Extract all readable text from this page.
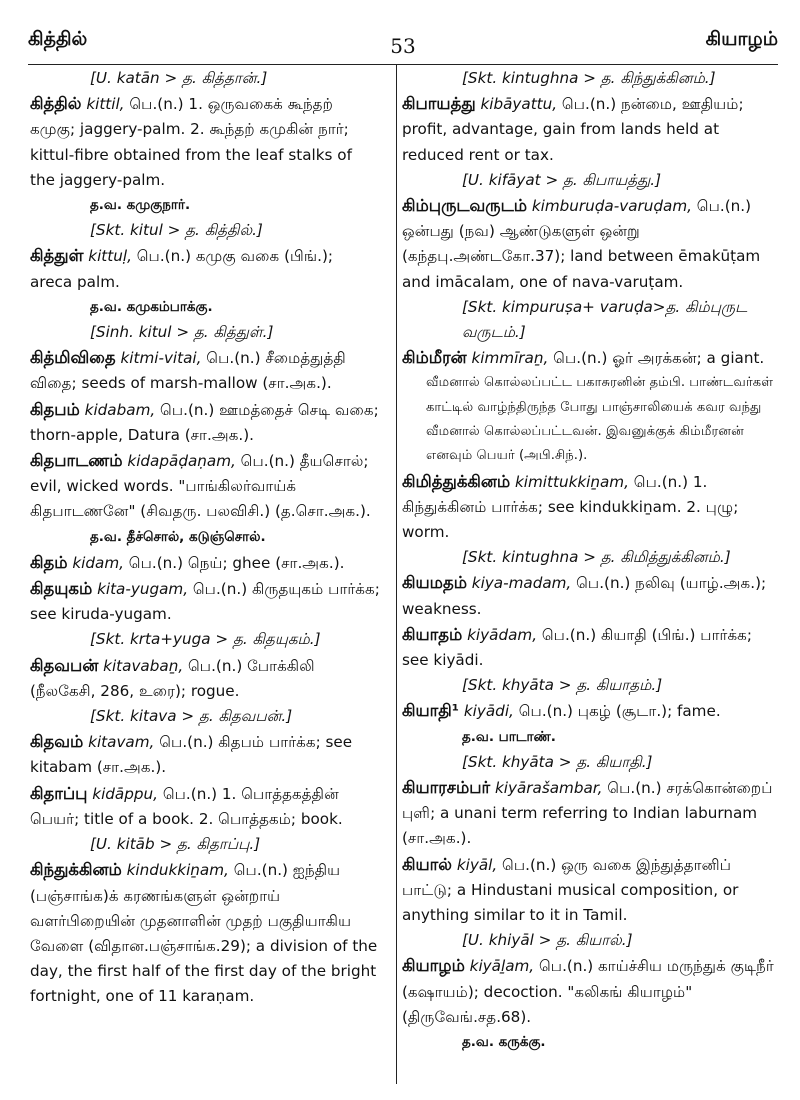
கித்தில்	53	கியாழம்
[U. katān > த. கித்தான்.]
கித்தில் kittil, பெ.(n.) 1. ஒருவகைக் கூந்தற் கமுகு; jaggery-palm. 2. கூந்தற் கமுகின் நார்; kittul-fibre obtained from the leaf stalks of the jaggery-palm.
த.வ. கமுகுநார்.
[Skt. kitul > த. கித்தில்.]
கித்துள் kittuḷ, பெ.(n.) கமுகு வகை (பிங்.); areca palm.
த.வ. கமுகம்பாக்கு.
[Sinh. kitul > த. கித்துள்.]
கித்மிவிதை kitmi-vitai, பெ.(n.) சீமைத்துத்தி விதை; seeds of marsh-mallow (சா.அக.).
கிதபம் kidabam, பெ.(n.) ஊமத்தைச் செடி வகை; thorn-apple, Datura (சா.அக.).
கிதபாடணம் kidapāḍaṇam, பெ.(n.) தீயசொல்; evil, wicked words. "பாங்கிலர்வாய்க் கிதபாடணனே" (சிவதரு. பலவிசி.) (த.சொ.அக.).
த.வ. தீச்சொல், கடுஞ்சொல்.
கிதம் kidam, பெ.(n.) நெய்; ghee (சா.அக.).
கிதயுகம் kita-yugam, பெ.(n.) கிருதயுகம் பார்க்க; see kiruda-yugam.
[Skt. krta+yuga > த. கிதயுகம்.]
கிதவபன் kitavabaṉ, பெ.(n.) போக்கிலி (நீலகேசி, 286, உரை); rogue.
[Skt. kitava > த. கிதவபன்.]
கிதவம் kitavam, பெ.(n.) கிதபம் பார்க்க; see kitabam (சா.அக.).
கிதாப்பு kidāppu, பெ.(n.) 1. பொத்தகத்தின் பெயர்; title of a book. 2. பொத்தகம்; book.
[U. kitāb > த. கிதாப்பு.]
கிந்துக்கினம் kindukkiṉam, பெ.(n.) ஐந்திய (பஞ்சாங்க)க் கரணங்களுள் ஒன்றாய் வளர்பிறையின் முதனாளின் முதற் பகுதியாகிய வேளை (விதான.பஞ்சாங்க.29); a division of the day, the first half of the first day of the bright fortnight, one of 11 karaṇam.
[Skt. kintughna > த. கிந்துக்கினம்.]
கிபாயத்து kibāyattu, பெ.(n.) நன்மை, ஊதியம்; profit, advantage, gain from lands held at reduced rent or tax.
[U. kifāyat > த. கிபாயத்து.]
கிம்புருடவருடம் kimburuḍa-varuḍam, பெ.(n.) ஒன்பது (நவ) ஆண்டுகளுள் ஒன்று (கந்தபு.அண்டகோ.37); land between ēmakūṭam and imācalam, one of nava-varuṭam.
[Skt. kimpuruṣa+ varuḍa>த. கிம்புருட வருடம்.]
கிம்மீரன் kimmīraṉ, பெ.(n.) ஓர் அரக்கன்; a giant.
வீமனால் கொல்லப்பட்ட பகாசுரனின் தம்பி. பாண்டவர்கள் காட்டில் வாழ்ந்திருந்த போது பாஞ்சாலியைக் கவர வந்து வீமனால் கொல்லப்பட்டவன். இவனுக்குக் கிம்மீரனன் எனவும் பெயர் (அபி.சிந்.).
கிமித்துக்கினம் kimittukkiṉam, பெ.(n.) 1. கிந்துக்கினம் பார்க்க; see kindukkiṉam. 2. புழு; worm.
[Skt. kintughna > த. கிமித்துக்கினம்.]
கியமதம் kiya-madam, பெ.(n.) நலிவு (யாழ்.அக.); weakness.
கியாதம் kiyādam, பெ.(n.) கியாதி (பிங்.) பார்க்க; see kiyādi.
[Skt. khyāta > த. கியாதம்.]
கியாதி¹ kiyādi, பெ.(n.) புகழ் (சூடா.); fame.
த.வ. பாடாண்.
[Skt. khyāta > த. கியாதி.]
கியாரசம்பர் kiyārašambar, பெ.(n.) சரக்கொன்றைப் புளி; a unani term referring to Indian laburnam (சா.அக.).
கியால் kiyāl, பெ.(n.) ஒரு வகை இந்துத்தானிப் பாட்டு; a Hindustani musical composition, or anything similar to it in Tamil.
[U. khiyāl > த. கியால்.]
கியாழம் kiyāḻam, பெ.(n.) காய்ச்சிய மருந்துக் குடிநீர் (கஷாயம்); decoction. "கலிகங் கியாழம்" (திருவேங்.சத.68).
த.வ. கருக்கு.
